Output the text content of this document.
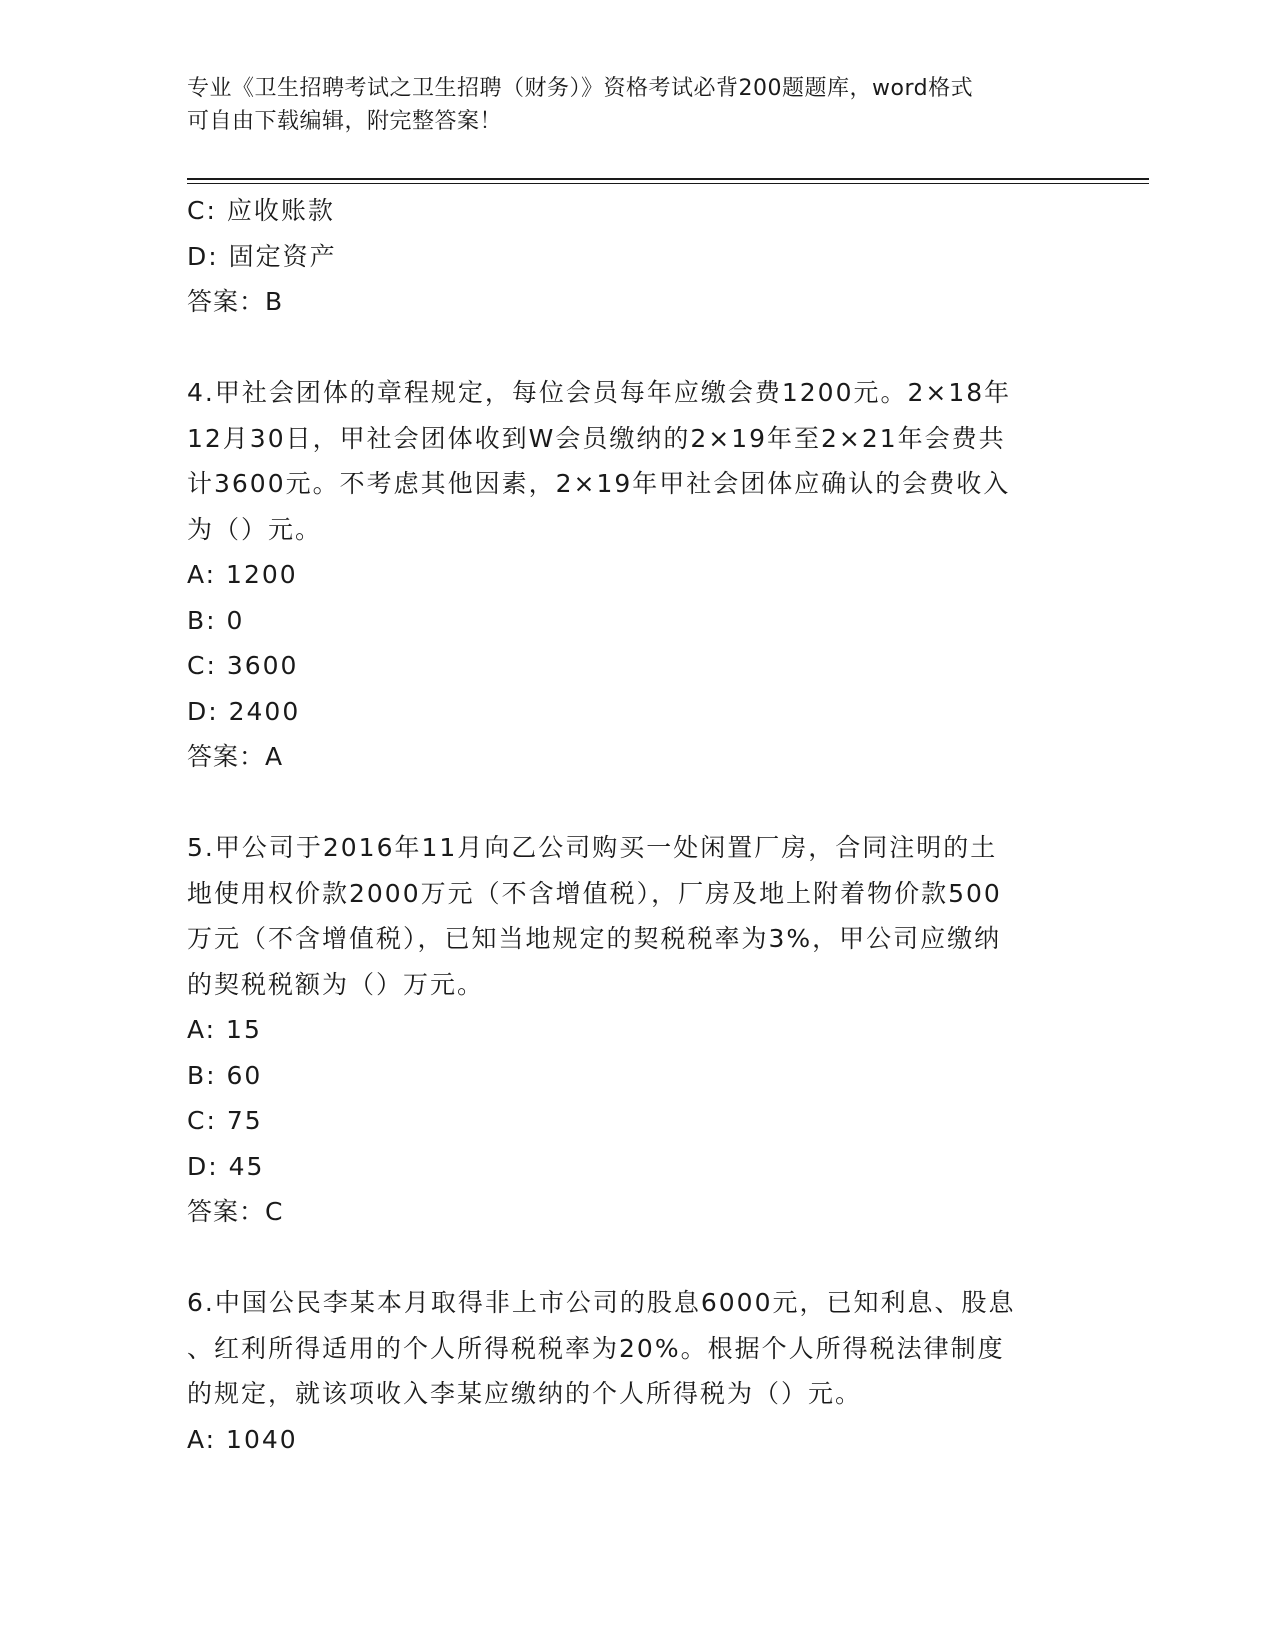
专业《卫生招聘考试之卫生招聘（财务）》资格考试必背200题题库，word格式
可自由下载编辑，附完整答案！
C: 应收账款
D: 固定资产
答案：B
4.甲社会团体的章程规定，每位会员每年应缴会费1200元。2×18年
12月30日，甲社会团体收到W会员缴纳的2×19年至2×21年会费共
计3600元。不考虑其他因素，2×19年甲社会团体应确认的会费收入
为（）元。
A: 1200
B: 0
C: 3600
D: 2400
答案：A
5.甲公司于2016年11月向乙公司购买一处闲置厂房，合同注明的土
地使用权价款2000万元（不含增值税），厂房及地上附着物价款500
万元（不含增值税），已知当地规定的契税税率为3%，甲公司应缴纳
的契税税额为（）万元。
A: 15
B: 60
C: 75
D: 45
答案：C
6.中国公民李某本月取得非上市公司的股息6000元，已知利息、股息
、红利所得适用的个人所得税税率为20%。根据个人所得税法律制度
的规定，就该项收入李某应缴纳的个人所得税为（）元。
A: 1040
